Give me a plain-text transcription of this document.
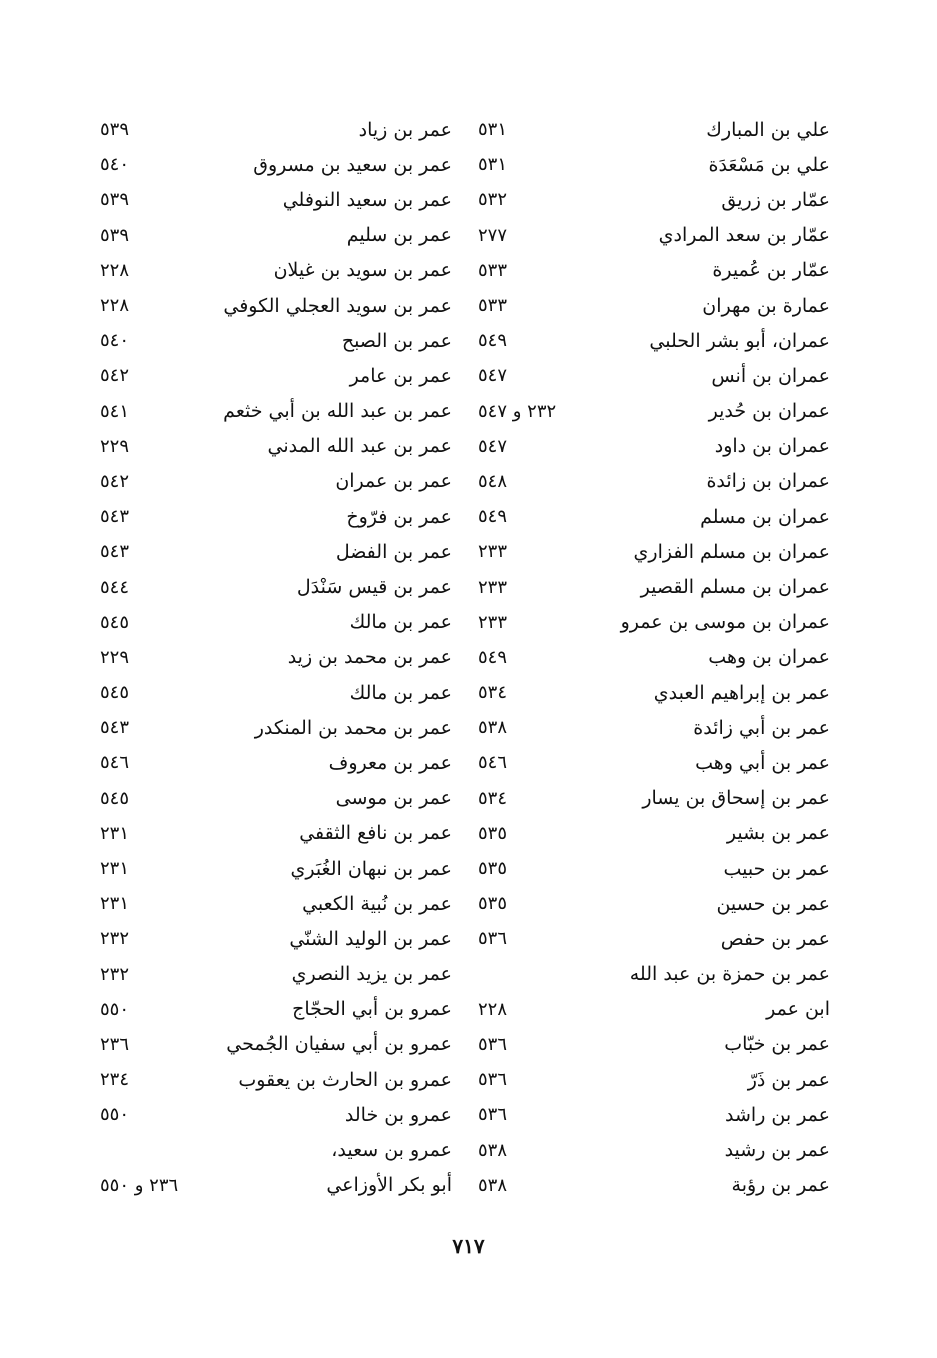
علي بن المبارك
٥٣١
علي بن مَسْعَدَة
٥٣١
عمّار بن زريق
٥٣٢
عمّار بن سعد المرادي
٢٧٧
عمّار بن عُميرة
٥٣٣
عمارة بن مهران
٥٣٣
عمران، أبو بشر الحلبي
٥٤٩
عمران بن أنس
٥٤٧
عمران بن حُدير
٢٣٢ و ٥٤٧
عمران بن داود
٥٤٧
عمران بن زائدة
٥٤٨
عمران بن مسلم
٥٤٩
عمران بن مسلم الفزاري
٢٣٣
عمران بن مسلم القصير
٢٣٣
عمران بن موسى بن عمرو
٢٣٣
عمران بن وهب
٥٤٩
عمر بن إبراهيم العبدي
٥٣٤
عمر بن أبي زائدة
٥٣٨
عمر بن أبي وهب
٥٤٦
عمر بن إسحاق بن يسار
٥٣٤
عمر بن بشير
٥٣٥
عمر بن حبيب
٥٣٥
عمر بن حسين
٥٣٥
عمر بن حفص
٥٣٦
عمر بن حمزة بن عبد الله
ابن عمر
٢٢٨
عمر بن خبّاب
٥٣٦
عمر بن ذَرّ
٥٣٦
عمر بن راشد
٥٣٦
عمر بن رشيد
٥٣٨
عمر بن رؤبة
٥٣٨
عمر بن زياد
٥٣٩
عمر بن سعيد بن مسروق
٥٤٠
عمر بن سعيد النوفلي
٥٣٩
عمر بن سليم
٥٣٩
عمر بن سويد بن غيلان
٢٢٨
عمر بن سويد العجلي الكوفي
٢٢٨
عمر بن الصبح
٥٤٠
عمر بن عامر
٥٤٢
عمر بن عبد الله بن أبي خثعم
٥٤١
عمر بن عبد الله المدني
٢٢٩
عمر بن عمران
٥٤٢
عمر بن فرّوخ
٥٤٣
عمر بن الفضل
٥٤٣
عمر بن قيس سَنْدَل
٥٤٤
عمر بن مالك
٥٤٥
عمر بن محمد بن زيد
٢٢٩
عمر بن مالك
٥٤٥
عمر بن محمد بن المنكدر
٥٤٣
عمر بن معروف
٥٤٦
عمر بن موسى
٥٤٥
عمر بن نافع الثقفي
٢٣١
عمر بن نبهان الغُبَري
٢٣١
عمر بن نُبية الكعبي
٢٣١
عمر بن الوليد الشنّي
٢٣٢
عمر بن يزيد النصري
٢٣٢
عمرو بن أبي الحجّاج
٥٥٠
عمرو بن أبي سفيان الجُمحي
٢٣٦
عمرو بن الحارث بن يعقوب
٢٣٤
عمرو بن خالد
٥٥٠
عمرو بن سعيد،
أبو بكر الأوزاعي
٢٣٦ و ٥٥٠
٧١٧
